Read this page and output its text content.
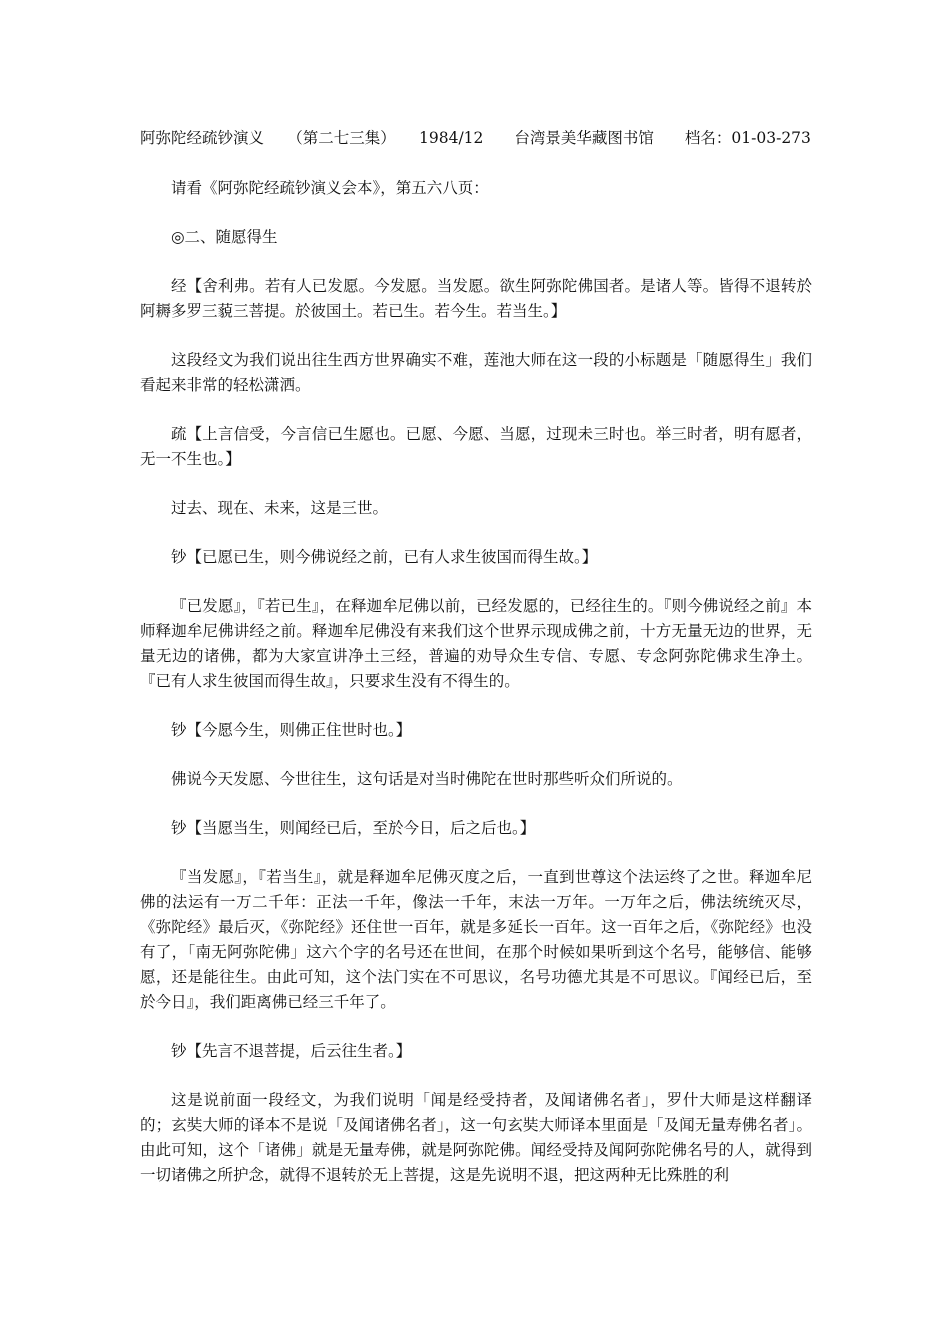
阿弥陀经疏钞演义　　（第二七三集）　　1984/12　　台湾景美华藏图书馆　　档名：01-03-273
请看《阿弥陀经疏钞演义会本》，第五六八页：
◎二、随愿得生
经【舍利弗。若有人已发愿。今发愿。当发愿。欲生阿弥陀佛国者。是诸人等。皆得不退转於阿耨多罗三藐三菩提。於彼国土。若已生。若今生。若当生。】
这段经文为我们说出往生西方世界确实不难，莲池大师在这一段的小标题是「随愿得生」我们看起来非常的轻松潇洒。
疏【上言信受，今言信已生愿也。已愿、今愿、当愿，过现未三时也。举三时者，明有愿者，无一不生也。】
过去、现在、未来，这是三世。
钞【已愿已生，则今佛说经之前，已有人求生彼国而得生故。】
『已发愿』，『若已生』，在释迦牟尼佛以前，已经发愿的，已经往生的。『则今佛说经之前』本师释迦牟尼佛讲经之前。释迦牟尼佛没有来我们这个世界示现成佛之前，十方无量无边的世界，无量无边的诸佛，都为大家宣讲净土三经，普遍的劝导众生专信、专愿、专念阿弥陀佛求生净土。『已有人求生彼国而得生故』，只要求生没有不得生的。
钞【今愿今生，则佛正住世时也。】
佛说今天发愿、今世往生，这句话是对当时佛陀在世时那些听众们所说的。
钞【当愿当生，则闻经已后，至於今日，后之后也。】
『当发愿』，『若当生』，就是释迦牟尼佛灭度之后，一直到世尊这个法运终了之世。释迦牟尼佛的法运有一万二千年：正法一千年，像法一千年，末法一万年。一万年之后，佛法统统灭尽，《弥陀经》最后灭，《弥陀经》还住世一百年，就是多延长一百年。这一百年之后，《弥陀经》也没有了，「南无阿弥陀佛」这六个字的名号还在世间，在那个时候如果听到这个名号，能够信、能够愿，还是能往生。由此可知，这个法门实在不可思议，名号功德尤其是不可思议。『闻经已后，至於今日』，我们距离佛已经三千年了。
钞【先言不退菩提，后云往生者。】
这是说前面一段经文，为我们说明「闻是经受持者，及闻诸佛名者」，罗什大师是这样翻译的；玄奘大师的译本不是说「及闻诸佛名者」，这一句玄奘大师译本里面是「及闻无量寿佛名者」。由此可知，这个「诸佛」就是无量寿佛，就是阿弥陀佛。闻经受持及闻阿弥陀佛名号的人，就得到一切诸佛之所护念，就得不退转於无上菩提，这是先说明不退，把这两种无比殊胜的利
